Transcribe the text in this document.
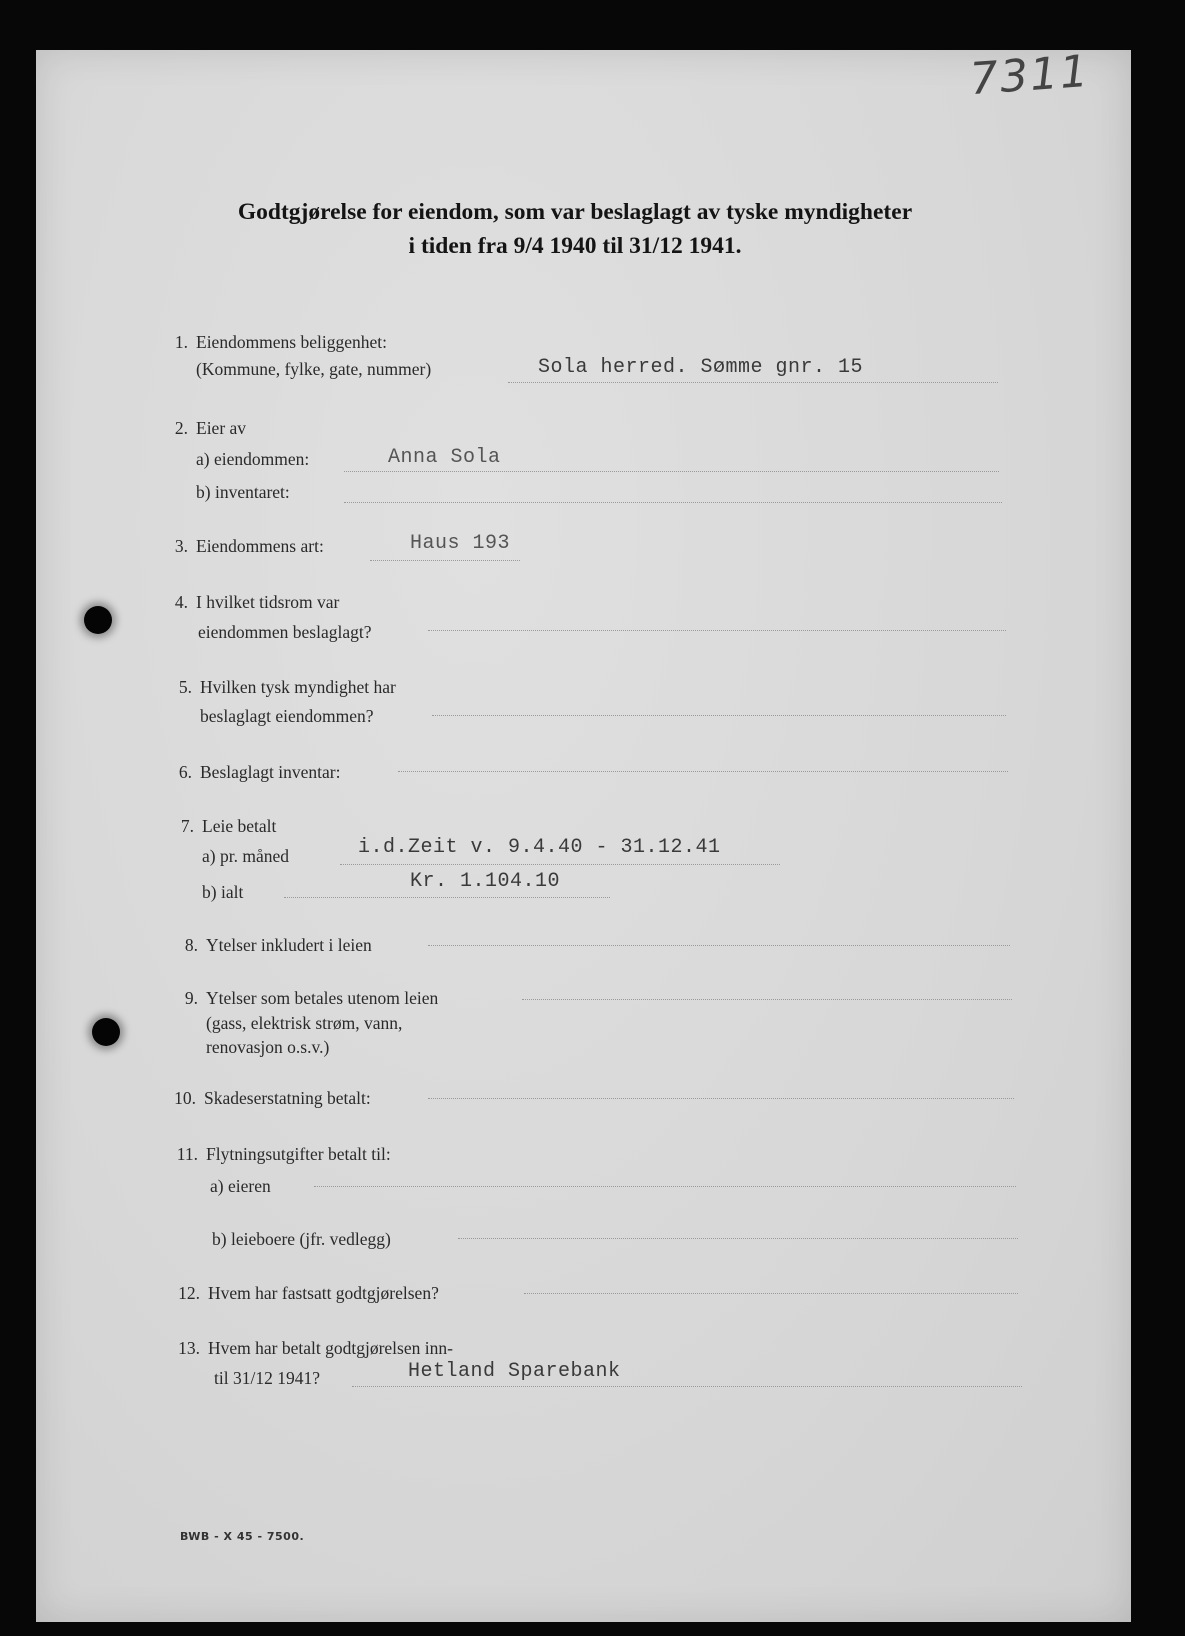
7311
Godtgjørelse for eiendom, som var beslaglagt av tyske myndigheter
i tiden fra 9/4 1940 til 31/12 1941.
1. Eiendommens beliggenhet:
(Kommune, fylke, gate, nummer)	Sola herred. Sømme gnr. 15
2. Eier av
a) eiendommen:	Anna Sola
b) inventaret:
3. Eiendommens art:	Haus 193
4. I hvilket tidsrom var
eiendommen beslaglagt?
5. Hvilken tysk myndighet har
beslaglagt eiendommen?
6. Beslaglagt inventar:
7. Leie betalt
a) pr. måned	i.d.Zeit v. 9.4.40 - 31.12.41
b) ialt	Kr. 1.104.10
8. Ytelser inkludert i leien
9. Ytelser som betales utenom leien
(gass, elektrisk strøm, vann,
renovasjon o.s.v.)
10. Skadeserstatning betalt:
11. Flytningsutgifter betalt til:
a) eieren
b) leieboere (jfr. vedlegg)
12. Hvem har fastsatt godtgjørelsen?
13. Hvem har betalt godtgjørelsen inn-
til 31/12 1941?	Hetland Sparebank
BWB - X 45 - 7500.
